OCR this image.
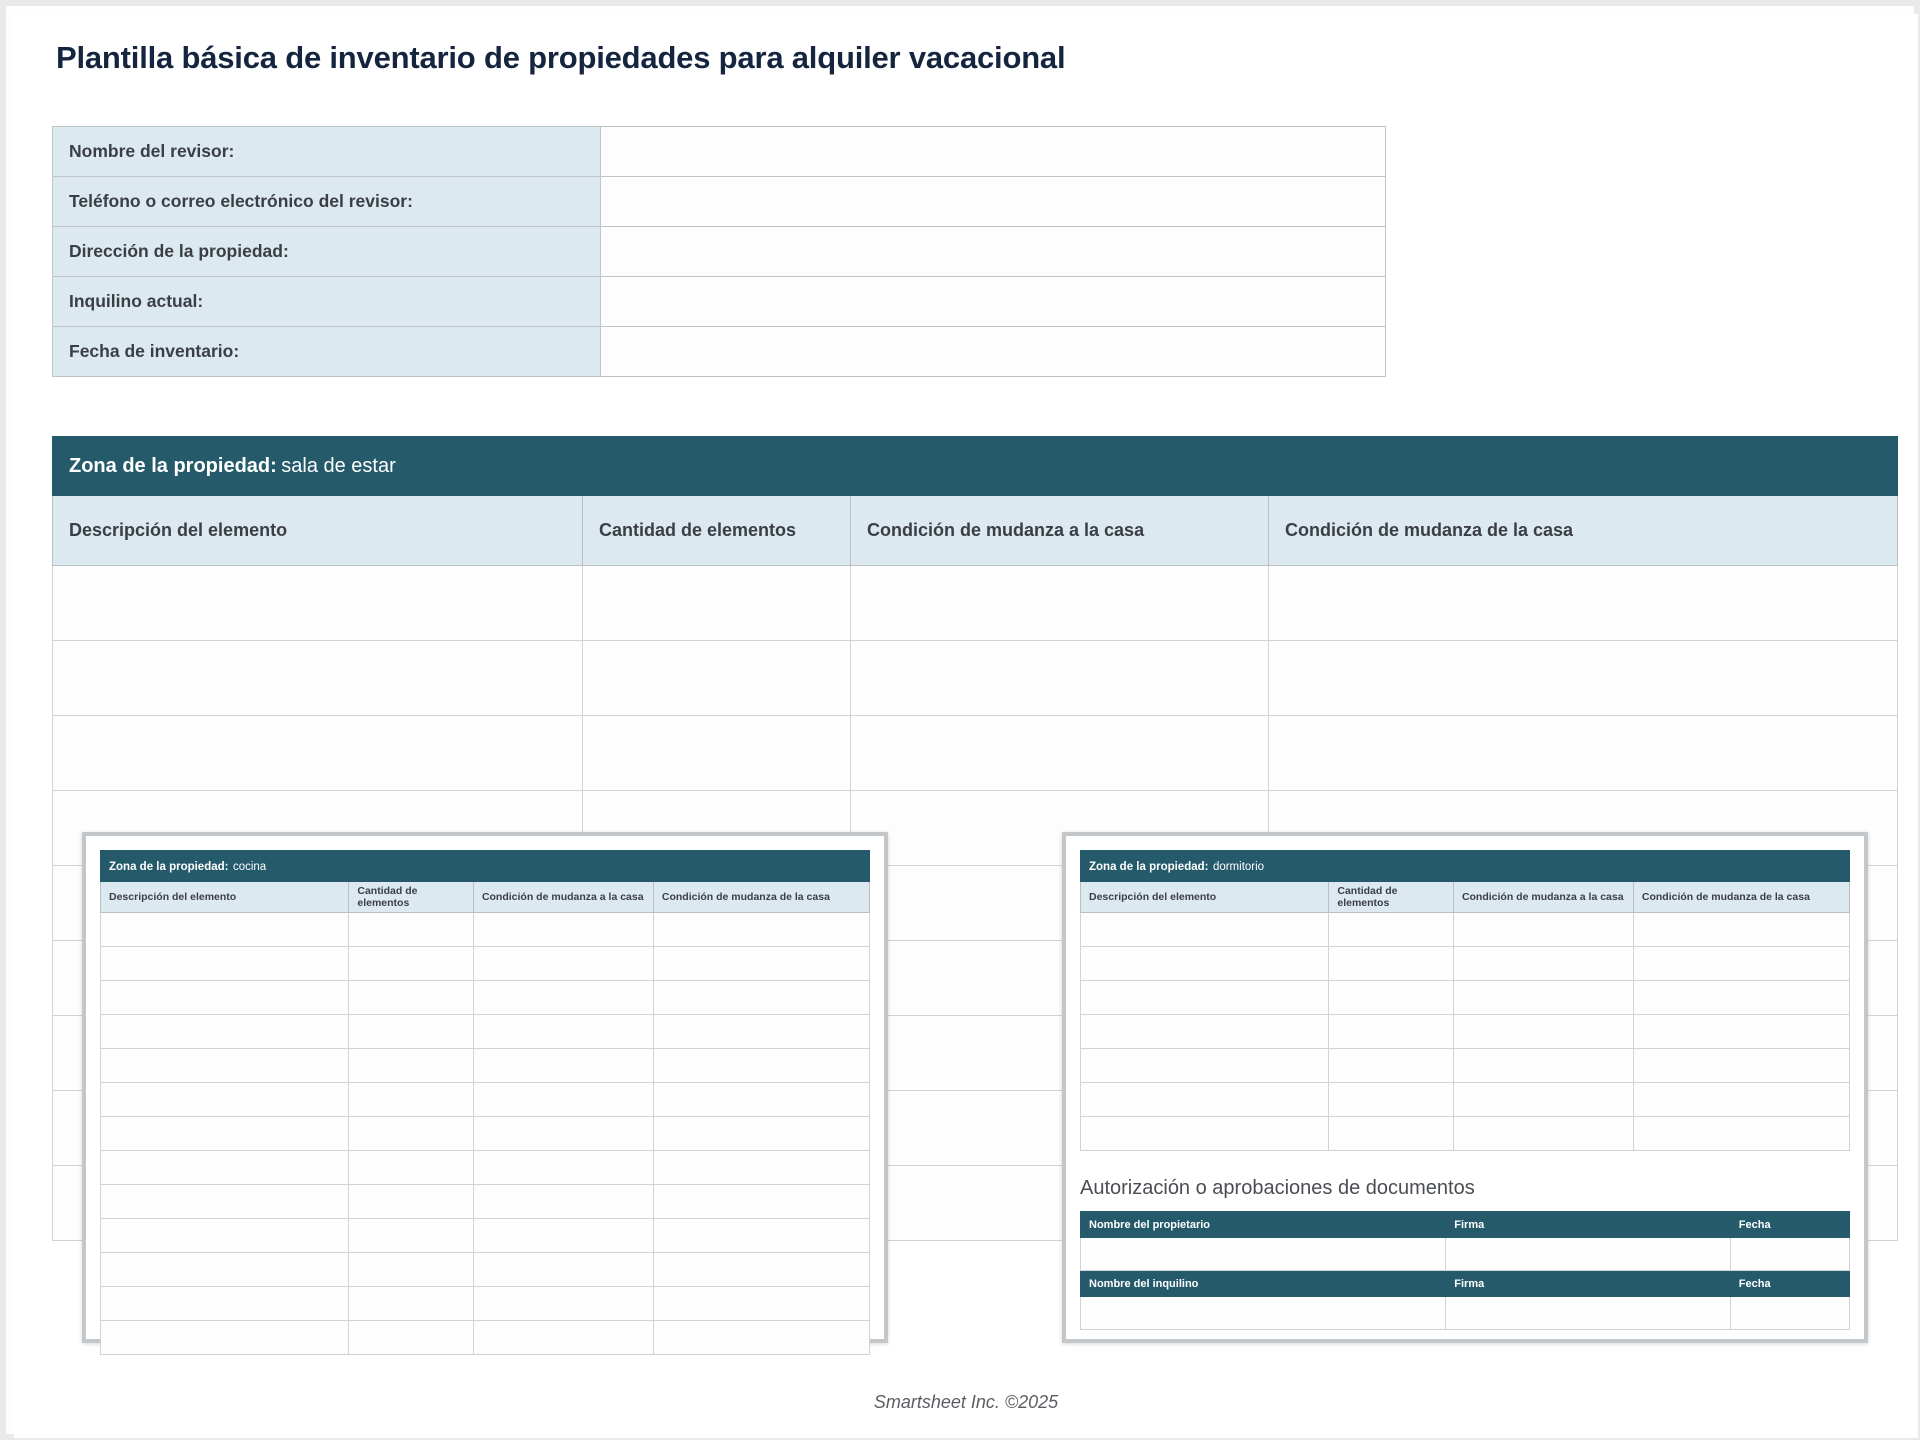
Plantilla básica de inventario de propiedades para alquiler vacacional
Nombre del revisor:	
Teléfono o correo electrónico del revisor:	
Dirección de la propiedad:	
Inquilino actual:	
Fecha de inventario:	
Zona de la propiedad: sala de estar			
Descripción del elemento	Cantidad de elementos	Condición de mudanza a la casa	Condición de mudanza de la casa

Zona de la propiedad: cocina			
Descripción del elemento	Cantidad de elementos	Condición de mudanza a la casa	Condición de mudanza de la casa

Zona de la propiedad: dormitorio			
Descripción del elemento	Cantidad de elementos	Condición de mudanza a la casa	Condición de mudanza de la casa

Autorización o aprobaciones de documentos
Nombre del propietario	Firma	Fecha

Nombre del inquilino	Firma	Fecha

Smartsheet Inc. ©2025
